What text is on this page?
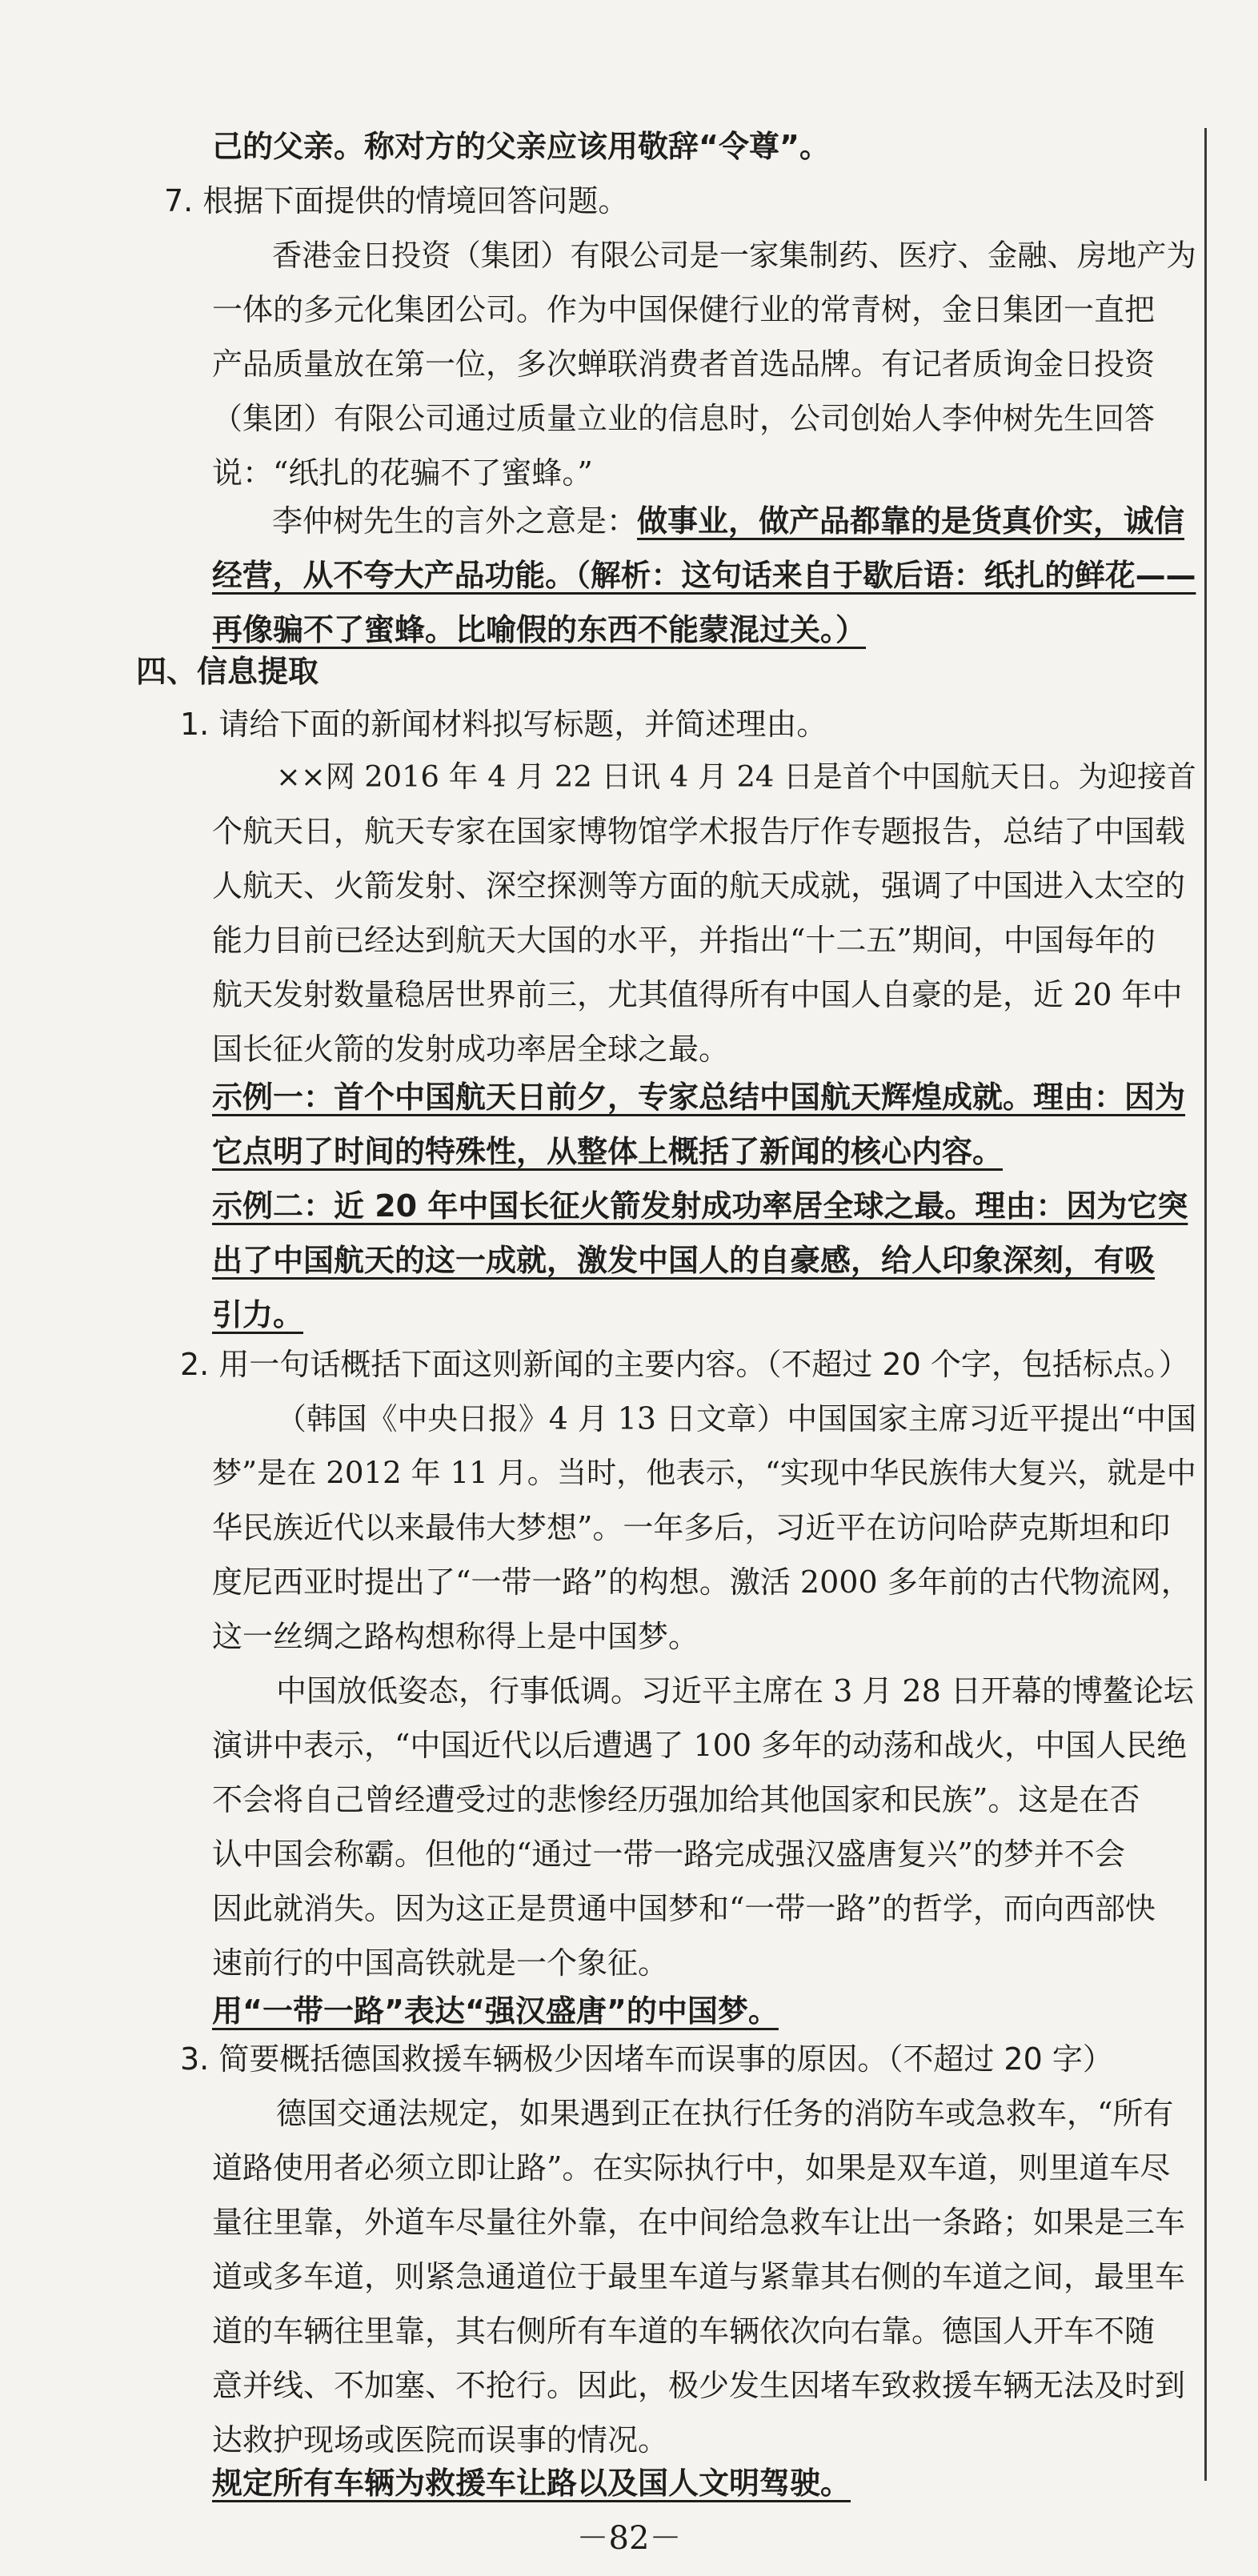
己的父亲。称对方的父亲应该用敬辞“令尊”。
7. 根据下面提供的情境回答问题。
香港金日投资（集团）有限公司是一家集制药、医疗、金融、房地产为
一体的多元化集团公司。作为中国保健行业的常青树，金日集团一直把
产品质量放在第一位，多次蝉联消费者首选品牌。有记者质询金日投资
（集团）有限公司通过质量立业的信息时，公司创始人李仲树先生回答
说：“纸扎的花骗不了蜜蜂。”
李仲树先生的言外之意是：做事业，做产品都靠的是货真价实，诚信
经营，从不夸大产品功能。（解析：这句话来自于歇后语：纸扎的鲜花——
再像骗不了蜜蜂。比喻假的东西不能蒙混过关。）
四、信息提取
1. 请给下面的新闻材料拟写标题，并简述理由。
××网 2016 年 4 月 22 日讯 4 月 24 日是首个中国航天日。为迎接首
个航天日，航天专家在国家博物馆学术报告厅作专题报告，总结了中国载
人航天、火箭发射、深空探测等方面的航天成就，强调了中国进入太空的
能力目前已经达到航天大国的水平，并指出“十二五”期间，中国每年的
航天发射数量稳居世界前三，尤其值得所有中国人自豪的是，近 20 年中
国长征火箭的发射成功率居全球之最。
示例一：首个中国航天日前夕，专家总结中国航天辉煌成就。理由：因为
它点明了时间的特殊性，从整体上概括了新闻的核心内容。
示例二：近 20 年中国长征火箭发射成功率居全球之最。理由：因为它突
出了中国航天的这一成就，激发中国人的自豪感，给人印象深刻，有吸
引力。
2. 用一句话概括下面这则新闻的主要内容。（不超过 20 个字，包括标点。）
（韩国《中央日报》4 月 13 日文章）中国国家主席习近平提出“中国
梦”是在 2012 年 11 月。当时，他表示，“实现中华民族伟大复兴，就是中
华民族近代以来最伟大梦想”。一年多后，习近平在访问哈萨克斯坦和印
度尼西亚时提出了“一带一路”的构想。激活 2000 多年前的古代物流网，
这一丝绸之路构想称得上是中国梦。
中国放低姿态，行事低调。习近平主席在 3 月 28 日开幕的博鳌论坛
演讲中表示，“中国近代以后遭遇了 100 多年的动荡和战火，中国人民绝
不会将自己曾经遭受过的悲惨经历强加给其他国家和民族”。这是在否
认中国会称霸。但他的“通过一带一路完成强汉盛唐复兴”的梦并不会
因此就消失。因为这正是贯通中国梦和“一带一路”的哲学，而向西部快
速前行的中国高铁就是一个象征。
用“一带一路”表达“强汉盛唐”的中国梦。
3. 简要概括德国救援车辆极少因堵车而误事的原因。（不超过 20 字）
德国交通法规定，如果遇到正在执行任务的消防车或急救车，“所有
道路使用者必须立即让路”。在实际执行中，如果是双车道，则里道车尽
量往里靠，外道车尽量往外靠，在中间给急救车让出一条路；如果是三车
道或多车道，则紧急通道位于最里车道与紧靠其右侧的车道之间，最里车
道的车辆往里靠，其右侧所有车道的车辆依次向右靠。德国人开车不随
意并线、不加塞、不抢行。因此，极少发生因堵车致救援车辆无法及时到
达救护现场或医院而误事的情况。
规定所有车辆为救援车让路以及国人文明驾驶。
－82－
